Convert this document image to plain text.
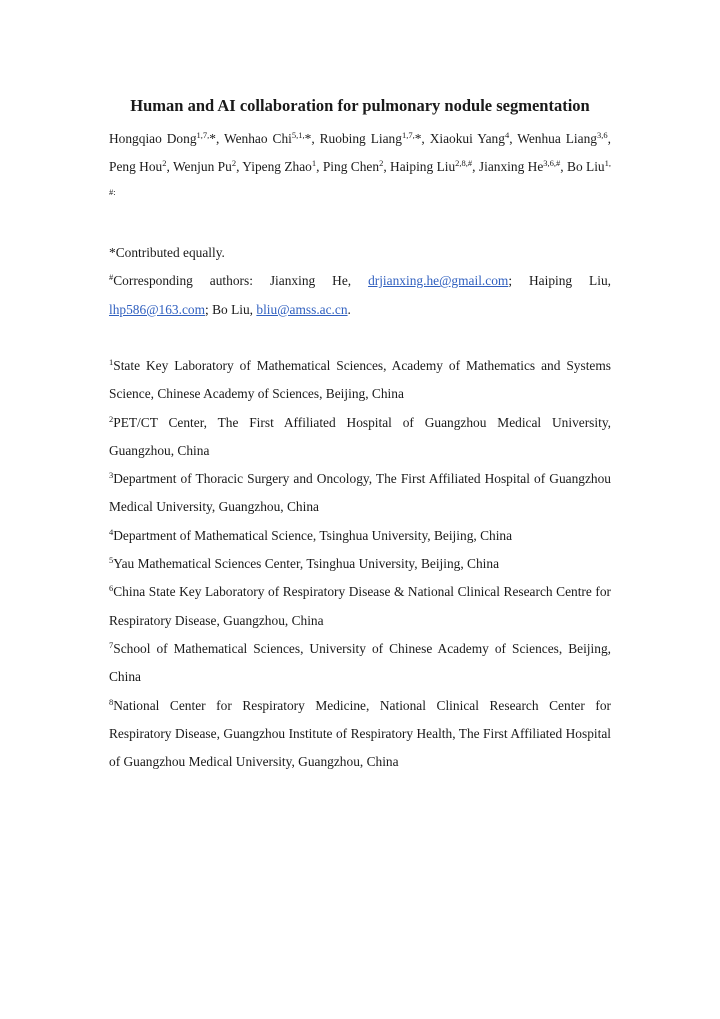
Human and AI collaboration for pulmonary nodule segmentation

Hongqiao Dong$^{1,7,}$*, Wenhao Chi$^{5,1,}$*, Ruobing Liang$^{1,7,}$*, Xiaokui Yang$^4$, Wenhua Liang$^{3,6}$, Peng Hou$^2$, Wenjun Pu$^2$, Yipeng Zhao$^1$, Ping Chen$^2$, Haiping Liu$^{2,8,\#}$, Jianxing $He^{3,6,\#}$, Bo Liu$^{1, \#:}$

*Contributed equally.

#Corresponding authors: Jianxing He, drjianxing.he@gmail.com; Haiping Liu, lhp586@163.com; Bo Liu, bliu@amss.ac.cn.

$^1$State Key Laboratory of Mathematical Sciences, Academy of Mathematics and Systems Science, Chinese Academy of Sciences, Beijing, China

$^2$PET/CT Center, The First Affiliated Hospital of Guangzhou Medical University, Guangzhou, China

$^3$Department of Thoracic Surgery and Oncology, The First Affiliated Hospital of Guangzhou Medical University, Guangzhou, China

$^4$Department of Mathematical Science, Tsinghua University, Beijing, China

$^5$Yau Mathematical Sciences Center, Tsinghua University, Beijing, China

$^6$China State Key Laboratory of Respiratory Disease & National Clinical Research Centre for Respiratory Disease, Guangzhou, China

$^7$School of Mathematical Sciences, University of Chinese Academy of Sciences, Beijing, China

$^8$National Center for Respiratory Medicine, National Clinical Research Center for Respiratory Disease, Guangzhou Institute of Respiratory Health, The First Affiliated Hospital of Guangzhou Medical University, Guangzhou, China
